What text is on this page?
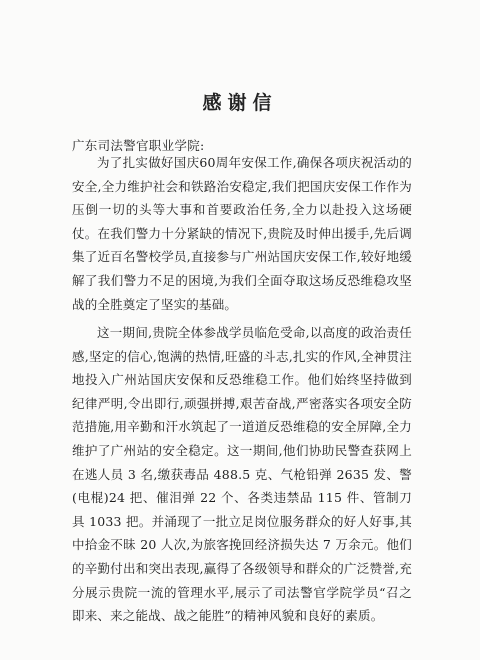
感谢信
广东司法警官职业学院:
为了扎实做好国庆60周年安保工作,确保各项庆祝活动的安全,全力维护社会和铁路治安稳定,我们把国庆安保工作作为压倒一切的头等大事和首要政治任务,全力以赴投入这场硬仗。在我们警力十分紧缺的情况下,贵院及时伸出援手,先后调集了近百名警校学员,直接参与广州站国庆安保工作,较好地缓解了我们警力不足的困境,为我们全面夺取这场反恐维稳攻坚战的全胜奠定了坚实的基础。
这一期间,贵院全体参战学员临危受命,以高度的政治责任感,坚定的信心,饱满的热情,旺盛的斗志,扎实的作风,全神贯注地投入广州站国庆安保和反恐维稳工作。他们始终坚持做到纪律严明,令出即行,顽强拼搏,艰苦奋战,严密落实各项安全防范措施,用辛勤和汗水筑起了一道道反恐维稳的安全屏障,全力维护了广州站的安全稳定。这一期间,他们协助民警查获网上在逃人员 3 名,缴获毒品 488.5 克、气枪铅弹 2635 发、警(电棍)24 把、催泪弹 22 个、各类违禁品 115 件、管制刀具 1033 把。并涌现了一批立足岗位服务群众的好人好事,其中拾金不昧 20 人次,为旅客挽回经济损失达 7 万余元。他们的辛勤付出和突出表现,赢得了各级领导和群众的广泛赞誉,充分展示贵院一流的管理水平,展示了司法警官学院学员“召之即来、来之能战、战之能胜”的精神风貌和良好的素质。
